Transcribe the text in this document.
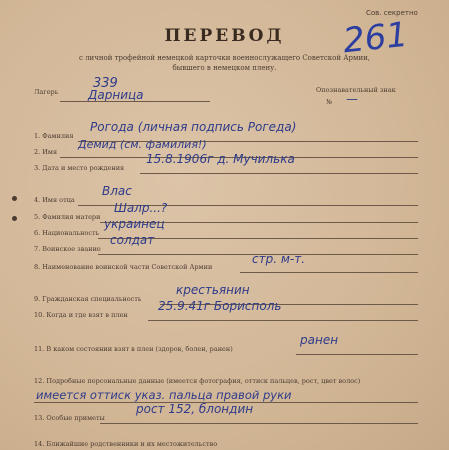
Сов. секретно
261
ПЕРЕВОД
с личной трофейной немецкой карточки военнослужащего Советской Армии,
бывшего в немецком плену.
Лагерь
339
Дарница	Опознавательный знак
№ —
1. Фамилия
Рогода (личная подпись Рогеда)
2. Имя
Демид (см. фамилия!)
3. Дата и место рождения
15.8.1906г д. Мучилька
4. Имя отца
Влас
5. Фамилия матери
Шалр...?
6. Национальность
украинец
7. Воинское звание
солдат
8. Наименование воинской части Советской Армии
стр. м-т.
9. Гражданская специальность
крестьянин
10. Когда и где взят в плен
25.9.41г Борисполь
11. В каком состоянии взят в плен (здоров, болен, ранен)
ранен
12. Подробные персональные данные (имеется фотография, оттиск пальцев, рост, цвет волос)
имеется оттиск указ. пальца правой руки
13. Особые приметы
рост 152, блондин
14. Ближайшие родственники и их местожительство
